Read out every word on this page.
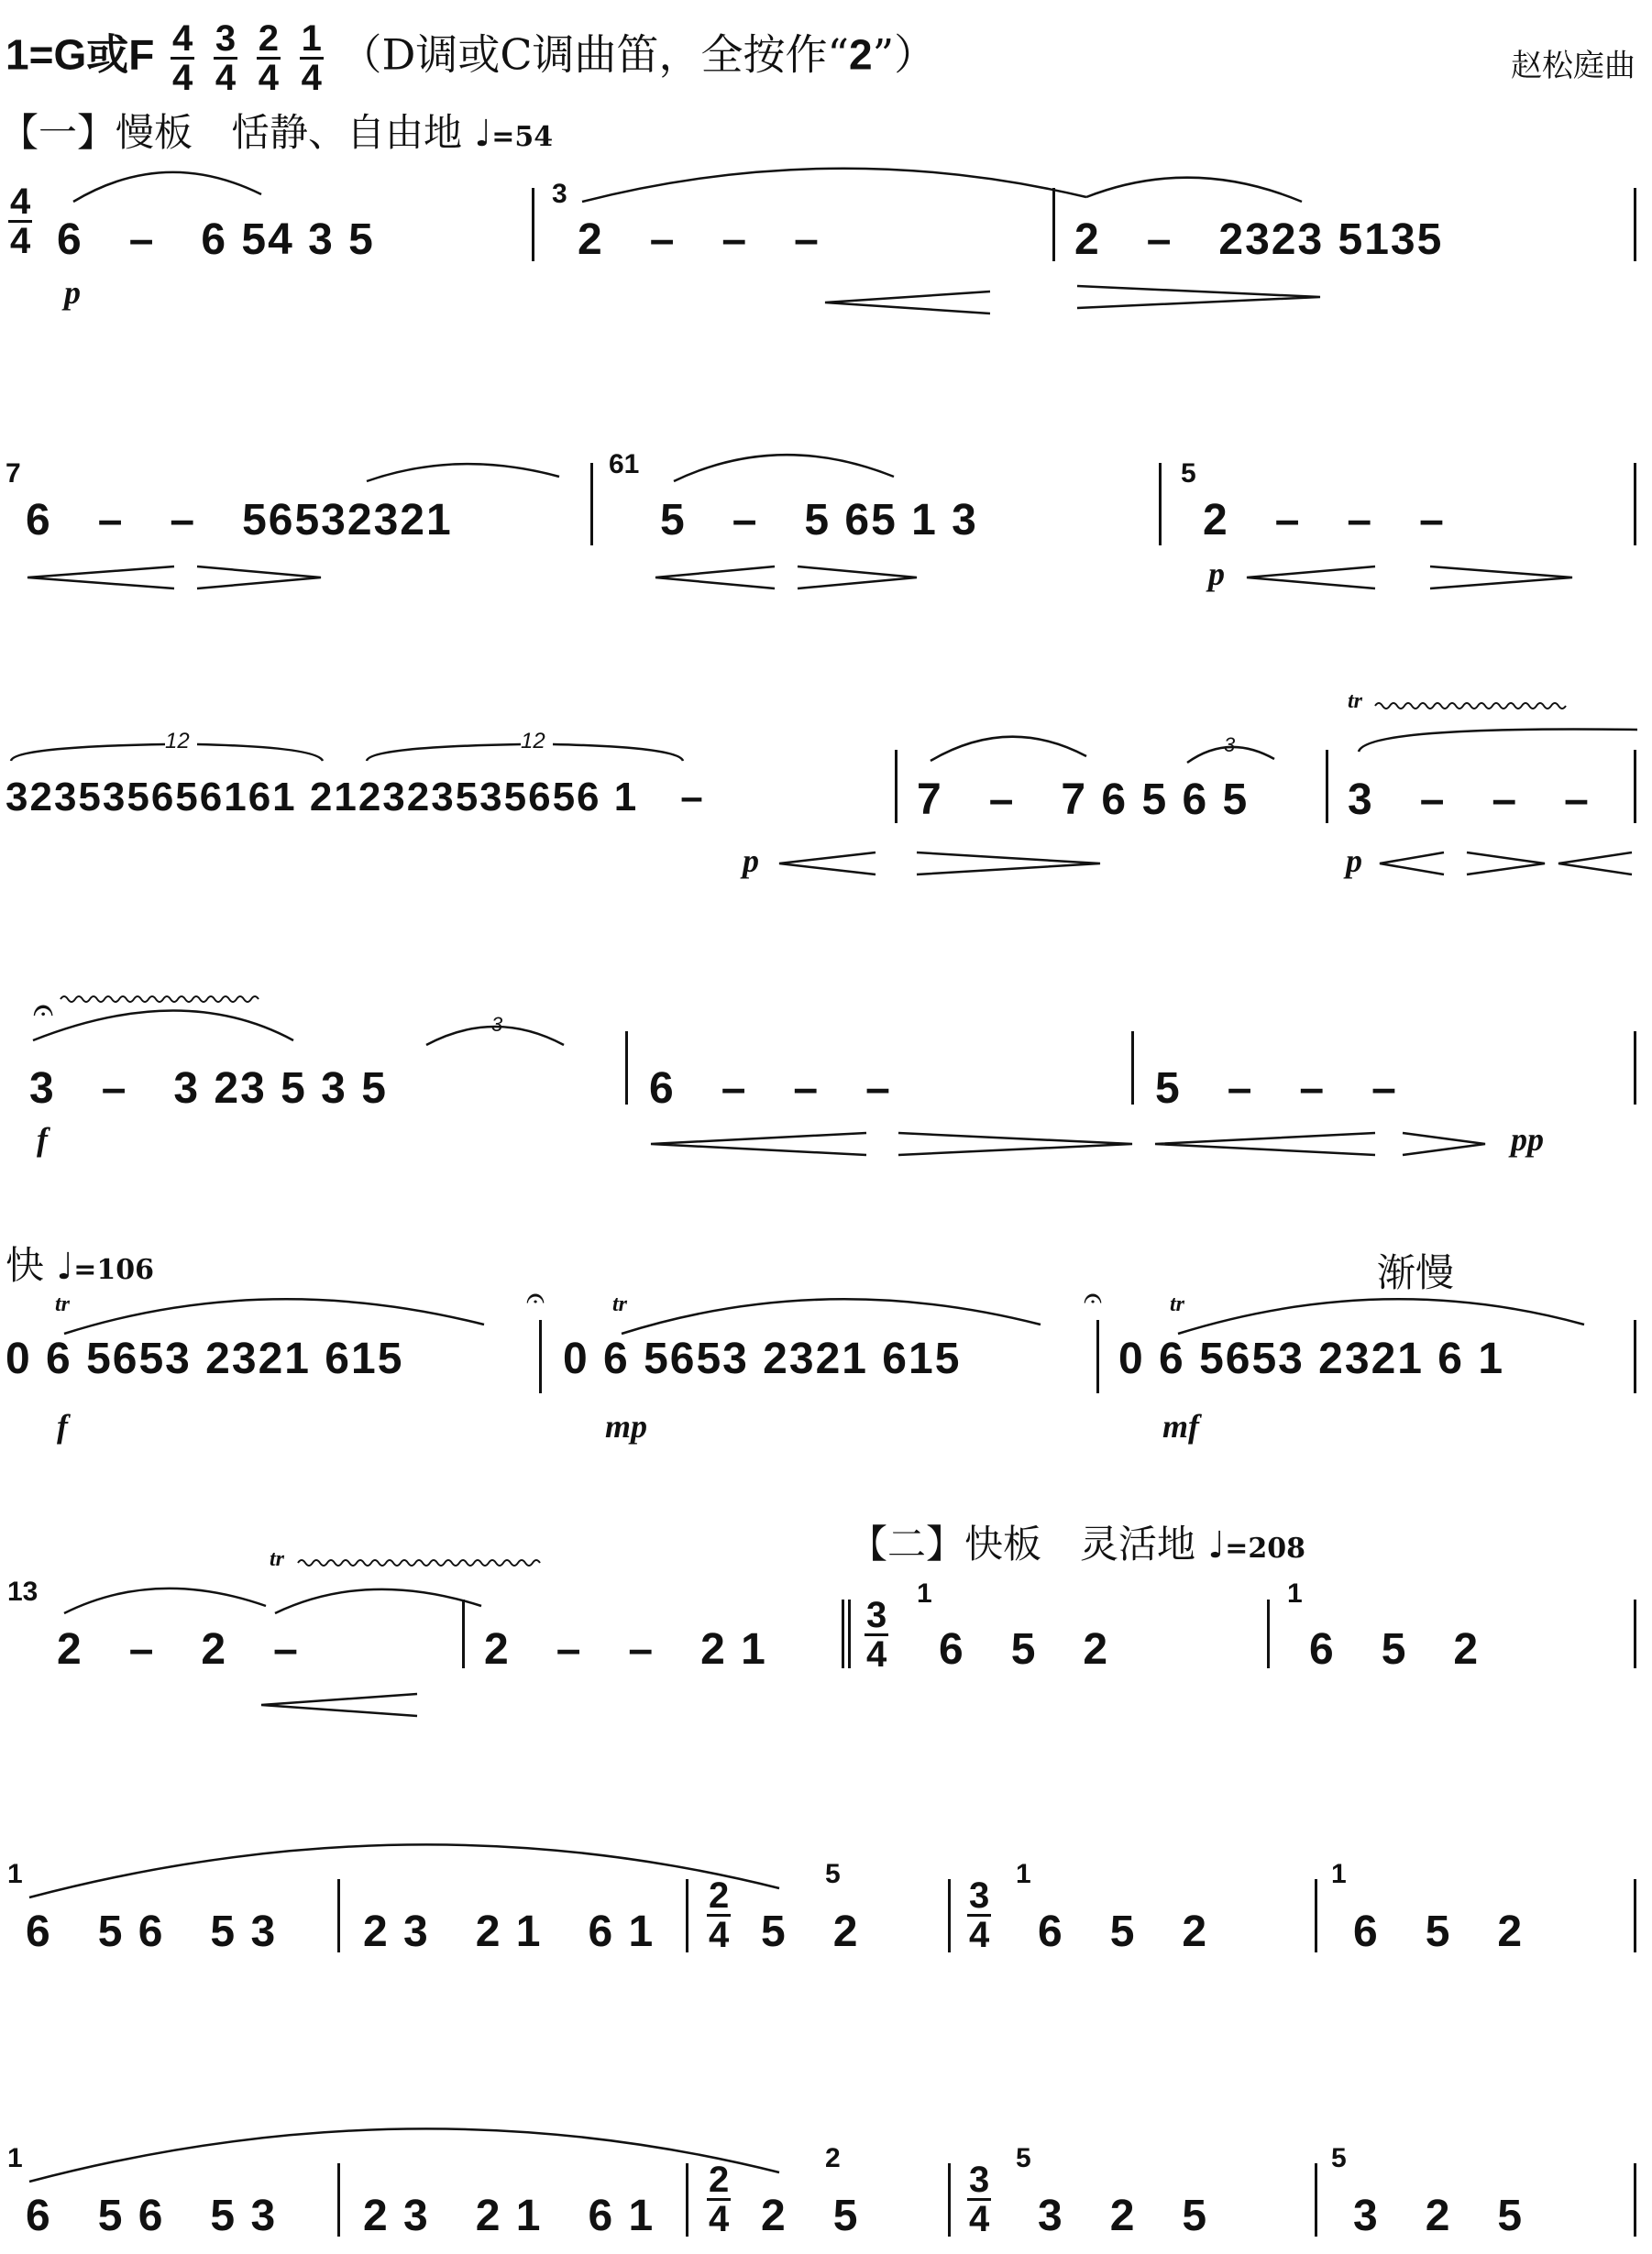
1=G或F $\frac{4}{4}$
$\frac{3}{4}$
$\frac{2}{4}$
$\frac{1}{4} (D$调或C调曲笛，全按作“2”）	赵松庭曲
【一】慢板　恬静、自由地 ♩=54
$\frac{4}{4} 6$　–　6 54 3 5
3
2　–　–　–	2　–　2323 5135
p
7
6　–　–　56532321
61
5　–　5 65 1 3
5
2　–　–　–
p
323535656161 212323535656 1　–	7　–　7 6 5 6 5 3　–　–　–
12	12	3
tr
p	p
3　–　3 23 5 3 5	6　–　–　–	5　–　–　–
3
𝄐
f	pp
快 ♩=106	渐慢
0 6 5653 2321 615	0 6 5653 2321 615	0 6 5653 2321 6 1
tr	tr	tr
𝄐	𝄐
f	mp	mf
【二】快板　灵活地 ♩=208
13
2　–　2　–
tr
2　–　–　2 1	$\frac{3}{4}$
1
6　5　2
1
6　5　2
1
6　5 6　5 3 2 3　2 1　6 $1 \frac{2}{4}$
5
5　2	$\frac{3}{4}$
1
6　5　2
1
6　5　2
1
6　5 6　5 3 2 3　2 1　6 $1 \frac{2}{4}$
2
2　5	$\frac{3}{4}$
5
3　2　5
5
3　2　5
